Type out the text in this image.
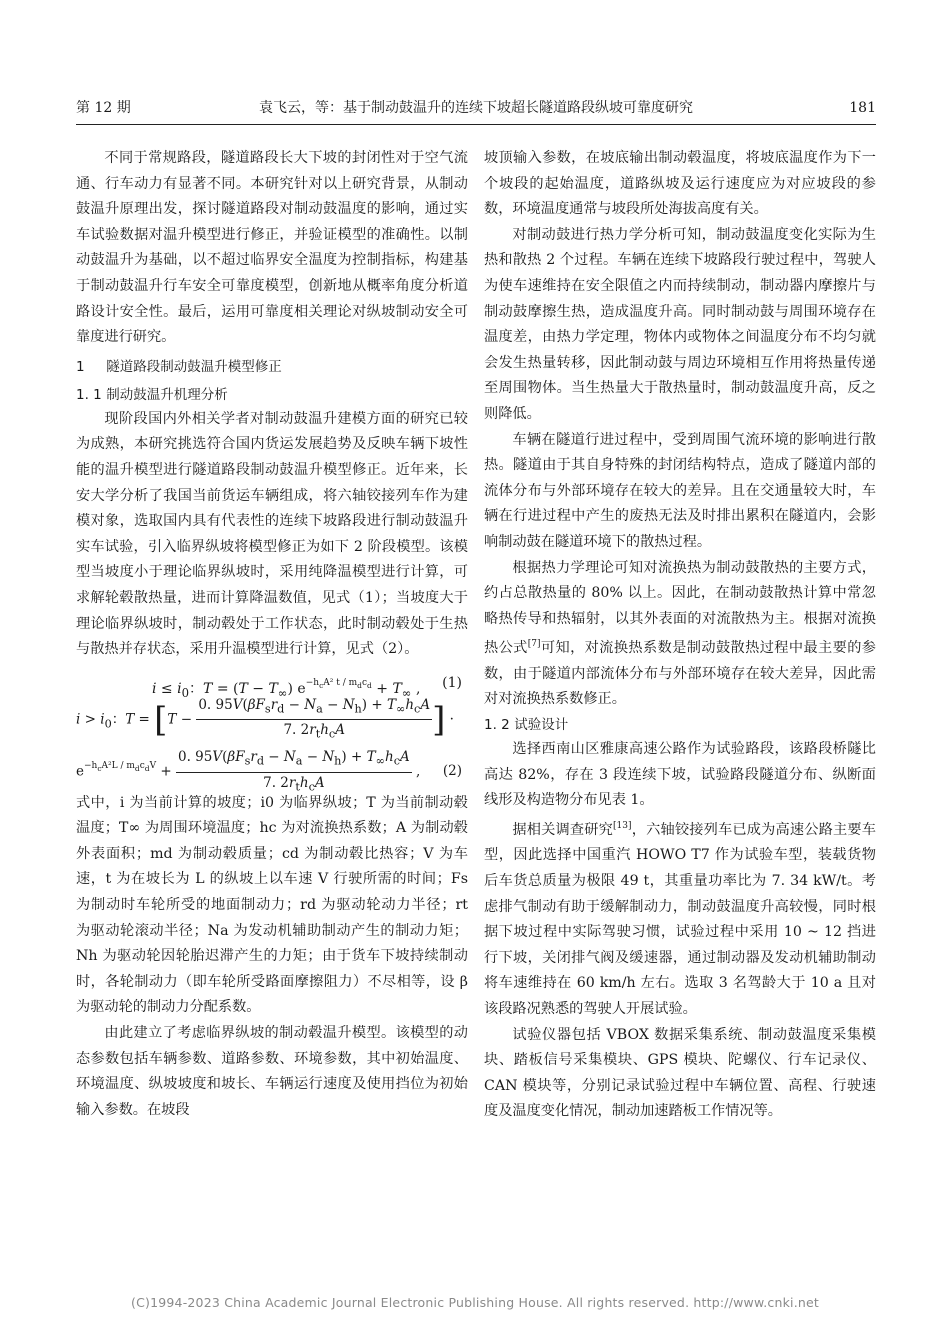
第 12 期	袁飞云，等：基于制动鼓温升的连续下坡超长隧道路段纵坡可靠度研究	181

不同于常规路段，隧道路段长大下坡的封闭性对于空气流通、行车动力有显著不同。本研究针对以上研究背景，从制动鼓温升原理出发，探讨隧道路段对制动鼓温度的影响，通过实车试验数据对温升模型进行修正，并验证模型的准确性。以制动鼓温升为基础，以不超过临界安全温度为控制指标，构建基于制动鼓温升行车安全可靠度模型，创新地从概率角度分析道路设计安全性。最后，运用可靠度相关理论对纵坡制动安全可靠度进行研究。

1 隧道路段制动鼓温升模型修正
1. 1 制动鼓温升机理分析

现阶段国内外相关学者对制动鼓温升建模方面的研究已较为成熟，本研究挑选符合国内货运发展趋势及反映车辆下坡性能的温升模型进行隧道路段制动鼓温升模型修正。近年来，长安大学分析了我国当前货运车辆组成，将六轴铰接列车作为建模对象，选取国内具有代表性的连续下坡路段进行制动鼓温升实车试验，引入临界纵坡将模型修正为如下 2 阶段模型。该模型当坡度小于理论临界纵坡时，采用纯降温模型进行计算，可求解轮毂散热量，进而计算降温数值，见式（1）；当坡度大于理论临界纵坡时，制动毂处于工作状态，此时制动毂处于生热与散热并存状态，采用升温模型进行计算，见式（2）。

$i \le i_0$：$T = (T - T_\infty)$ $e^{-h_cA^2 t / m_dc_d} + T_\infty$ , (1)
$i > i_0$：$T = [T - \frac{0. 95V(\beta F_sr_d - N_a - N_h) + T_\infty h_cA}{7. 2r_th_cA}$ ] ·
$e^{-h_cA^2L / m_dc_dV} + \frac{0. 95V(\beta F_sr_d - N_a - N_h) + T_\infty h_cA}{7. 2r_th_cA}$ ,	(2)

式中，i 为当前计算的坡度；i0 为临界纵坡；T 为当前制动毂温度；T∞ 为周围环境温度；hc 为对流换热系数；A 为制动毂外表面积；md 为制动毂质量；cd 为制动毂比热容；V 为车速，t 为在坡长为 L 的纵坡上以车速 V 行驶所需的时间；Fs 为制动时车轮所受的地面制动力；rd 为驱动轮动力半径；rt 为驱动轮滚动半径；Na 为发动机辅助制动产生的制动力矩；Nh 为驱动轮因轮胎迟滞产生的力矩；由于货车下坡持续制动时，各轮制动力（即车轮所受路面摩擦阻力）不尽相等，设 β 为驱动轮的制动力分配系数。

由此建立了考虑临界纵坡的制动毂温升模型。该模型的动态参数包括车辆参数、道路参数、环境参数，其中初始温度、环境温度、纵坡坡度和坡长、车辆运行速度及使用挡位为初始输入参数。在坡段

坡顶输入参数，在坡底输出制动毂温度，将坡底温度作为下一个坡段的起始温度，道路纵坡及运行速度应为对应坡段的参数，环境温度通常与坡段所处海拔高度有关。

对制动鼓进行热力学分析可知，制动鼓温度变化实际为生热和散热 2 个过程。车辆在连续下坡路段行驶过程中，驾驶人为使车速维持在安全限值之内而持续制动，制动器内摩擦片与制动鼓摩擦生热，造成温度升高。同时制动鼓与周围环境存在温度差，由热力学定理，物体内或物体之间温度分布不均匀就会发生热量转移，因此制动鼓与周边环境相互作用将热量传递至周围物体。当生热量大于散热量时，制动鼓温度升高，反之则降低。

车辆在隧道行进过程中，受到周围气流环境的影响进行散热。隧道由于其自身特殊的封闭结构特点，造成了隧道内部的流体分布与外部环境存在较大的差异。且在交通量较大时，车辆在行进过程中产生的废热无法及时排出累积在隧道内，会影响制动鼓在隧道环境下的散热过程。

根据热力学理论可知对流换热为制动鼓散热的主要方式，约占总散热量的 80% 以上。因此，在制动鼓散热计算中常忽略热传导和热辐射，以其外表面的对流散热为主。根据对流换热公式[7]可知，对流换热系数是制动鼓散热过程中最主要的参数，由于隧道内部流体分布与外部环境存在较大差异，因此需对对流换热系数修正。

1. 2 试验设计

选择西南山区雅康高速公路作为试验路段，该路段桥隧比高达 82%，存在 3 段连续下坡，试验路段隧道分布、纵断面线形及构造物分布见表 1。

据相关调查研究[13]，六轴铰接列车已成为高速公路主要车型，因此选择中国重汽 HOWO T7 作为试验车型，装载货物后车货总质量为极限 49 t，其重量功率比为 7. 34 kW/t。考虑排气制动有助于缓解制动力，制动鼓温度升高较慢，同时根据下坡过程中实际驾驶习惯，试验过程中采用 10 ~ 12 挡进行下坡，关闭排气阀及缓速器，通过制动器及发动机辅助制动将车速维持在 60 km/h 左右。选取 3 名驾龄大于 10 a 且对该段路况熟悉的驾驶人开展试验。

试验仪器包括 VBOX 数据采集系统、制动鼓温度采集模块、踏板信号采集模块、GPS 模块、陀螺仪、行车记录仪、CAN 模块等，分别记录试验过程中车辆位置、高程、行驶速度及温度变化情况，制动加速踏板工作情况等。

(C)1994-2023 China Academic Journal Electronic Publishing House. All rights reserved. http://www.cnki.net
